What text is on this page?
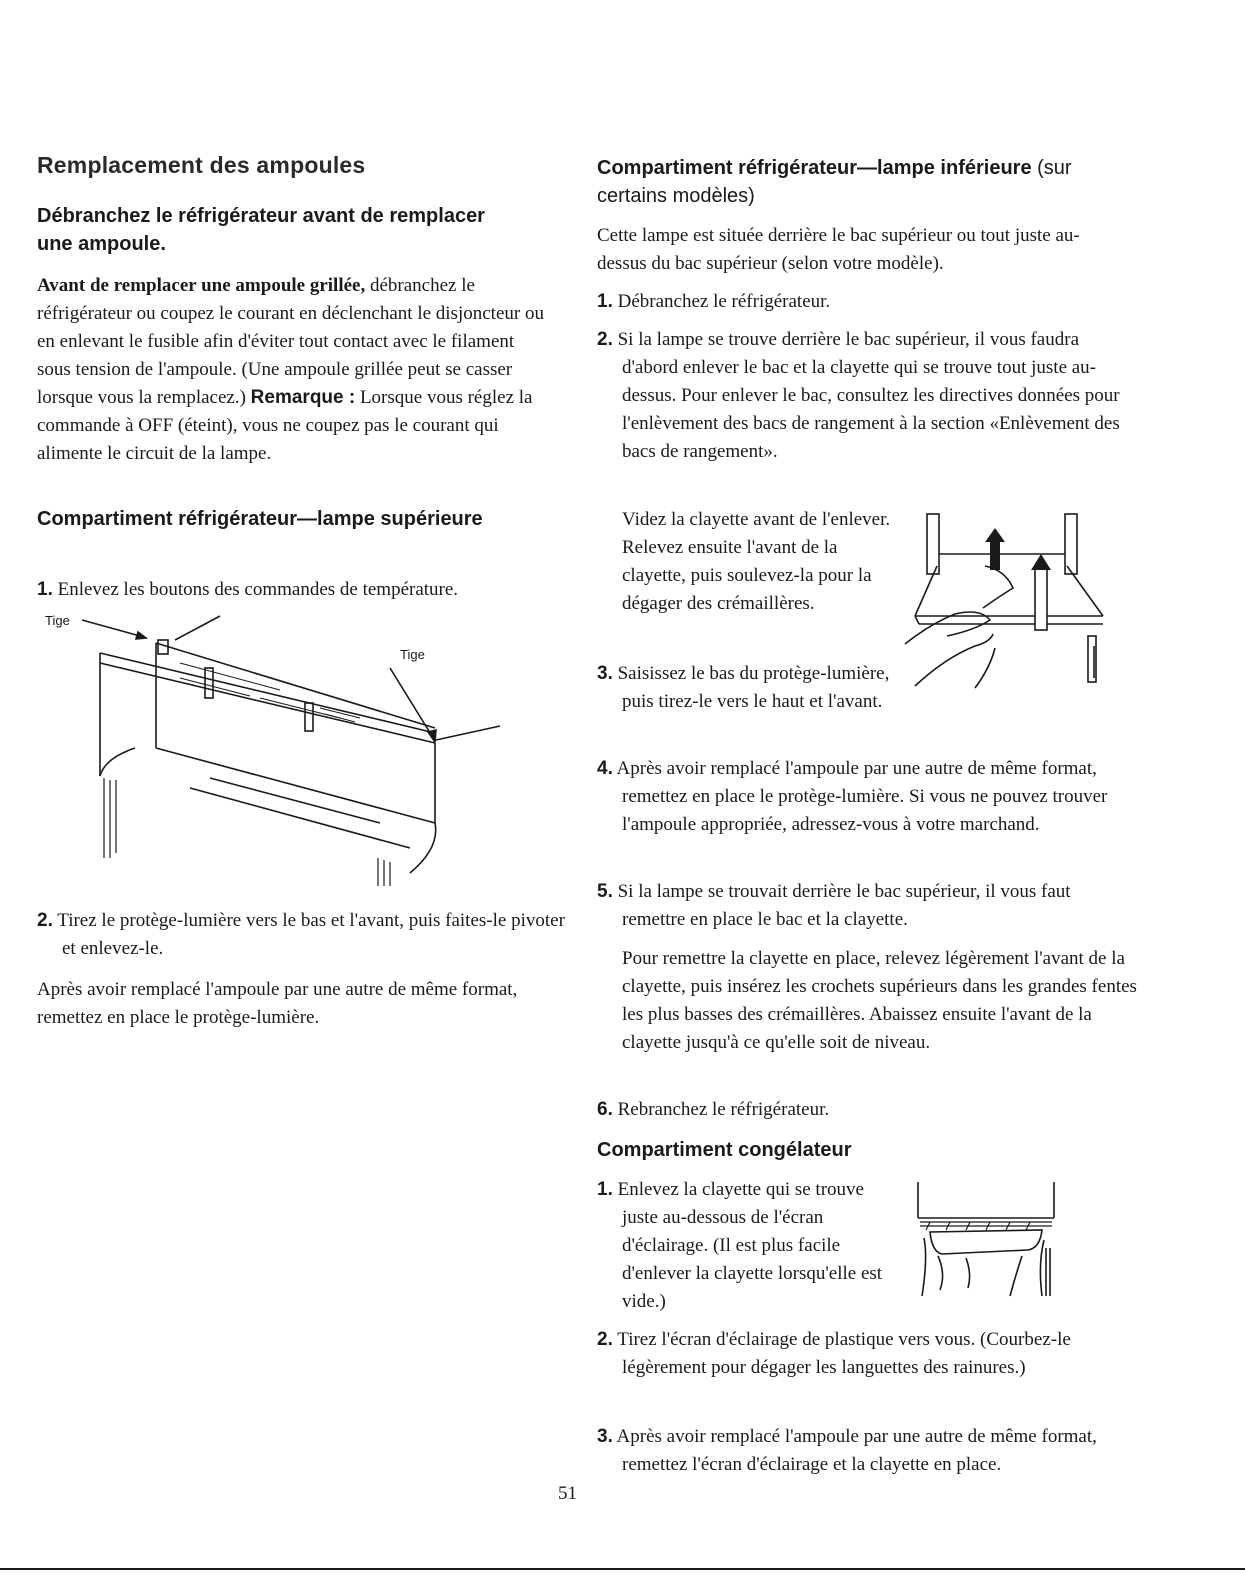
Remplacement des ampoules
Débranchez le réfrigérateur avant de remplacer une ampoule.

Avant de remplacer une ampoule grillée, débranchez le réfrigérateur ou coupez le courant en déclenchant le disjoncteur ou en enlevant le fusible afin d'éviter tout contact avec le filament sous tension de l'ampoule. (Une ampoule grillée peut se casser lorsque vous la remplacez.) Remarque : Lorsque vous réglez la commande à OFF (éteint), vous ne coupez pas le courant qui alimente le circuit de la lampe.

Compartiment réfrigérateur—lampe supérieure

1. Enlevez les boutons des commandes de température.

Tige
Tige

2. Tirez le protège-lumière vers le bas et l'avant, puis faites-le pivoter et enlevez-le.

Après avoir remplacé l'ampoule par une autre de même format, remettez en place le protège-lumière.

Compartiment réfrigérateur—lampe inférieure (sur certains modèles)

Cette lampe est située derrière le bac supérieur ou tout juste au-dessus du bac supérieur (selon votre modèle).

1. Débranchez le réfrigérateur.

2. Si la lampe se trouve derrière le bac supérieur, il vous faudra d'abord enlever le bac et la clayette qui se trouve tout juste au-dessus. Pour enlever le bac, consultez les directives données pour l'enlèvement des bacs de rangement à la section «Enlèvement des bacs de rangement».

Videz la clayette avant de l'enlever. Relevez ensuite l'avant de la clayette, puis soulevez-la pour la dégager des crémaillères.

3. Saisissez le bas du protège-lumière, puis tirez-le vers le haut et l'avant.

4. Après avoir remplacé l'ampoule par une autre de même format, remettez en place le protège-lumière. Si vous ne pouvez trouver l'ampoule appropriée, adressez-vous à votre marchand.

5. Si la lampe se trouvait derrière le bac supérieur, il vous faut remettre en place le bac et la clayette.

Pour remettre la clayette en place, relevez légèrement l'avant de la clayette, puis insérez les crochets supérieurs dans les grandes fentes les plus basses des crémaillères. Abaissez ensuite l'avant de la clayette jusqu'à ce qu'elle soit de niveau.

6. Rebranchez le réfrigérateur.

Compartiment congélateur

1. Enlevez la clayette qui se trouve juste au-dessous de l'écran d'éclairage. (Il est plus facile d'enlever la clayette lorsqu'elle est vide.)

2. Tirez l'écran d'éclairage de plastique vers vous. (Courbez-le légèrement pour dégager les languettes des rainures.)

3. Après avoir remplacé l'ampoule par une autre de même format, remettez l'écran d'éclairage et la clayette en place.

51
